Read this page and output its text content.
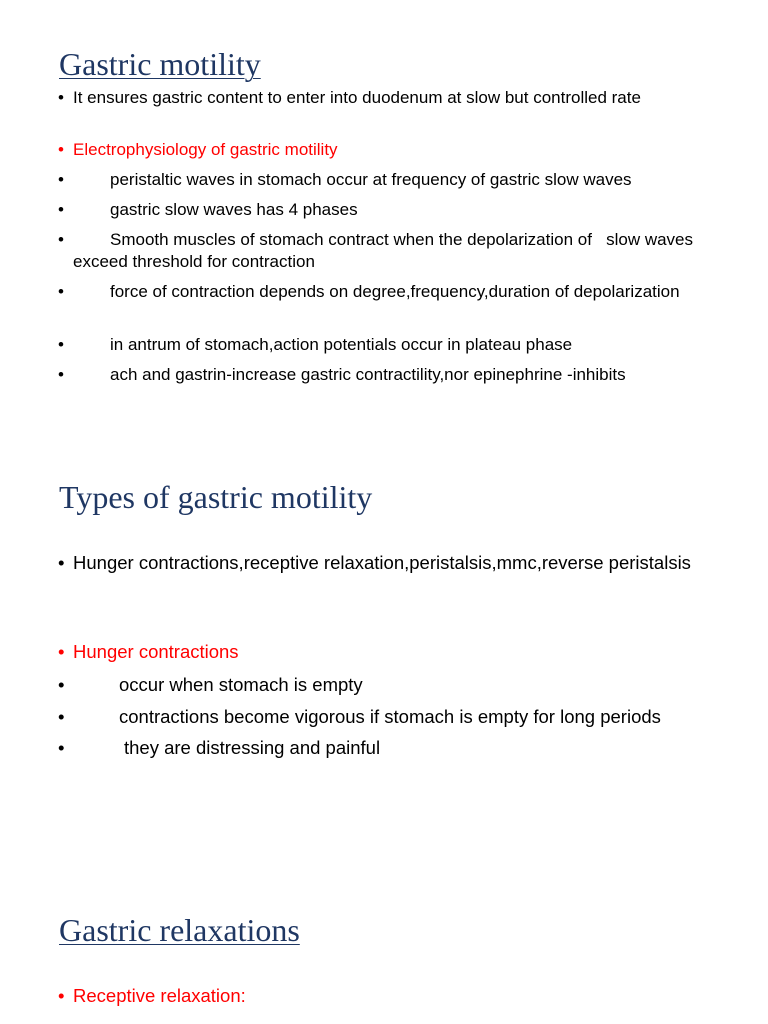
Gastric motility
• It ensures gastric content to enter into duodenum at slow but controlled rate
• Electrophysiology of gastric motility
•	peristaltic waves in stomach occur at frequency of gastric slow waves
•	gastric slow waves has 4 phases
•	Smooth muscles of stomach contract when the depolarization of   slow waves exceed threshold for contraction
•	force of contraction depends on degree,frequency,duration of depolarization
•	in antrum of stomach,action potentials occur in plateau phase
•	ach and gastrin-increase gastric contractility,nor epinephrine -inhibits
Types of gastric motility
• Hunger contractions,receptive relaxation,peristalsis,mmc,reverse peristalsis
• Hunger contractions
•	occur when stomach is empty
•	contractions become vigorous if stomach is empty for long periods
•	they are distressing and painful
Gastric relaxations
• Receptive relaxation:
